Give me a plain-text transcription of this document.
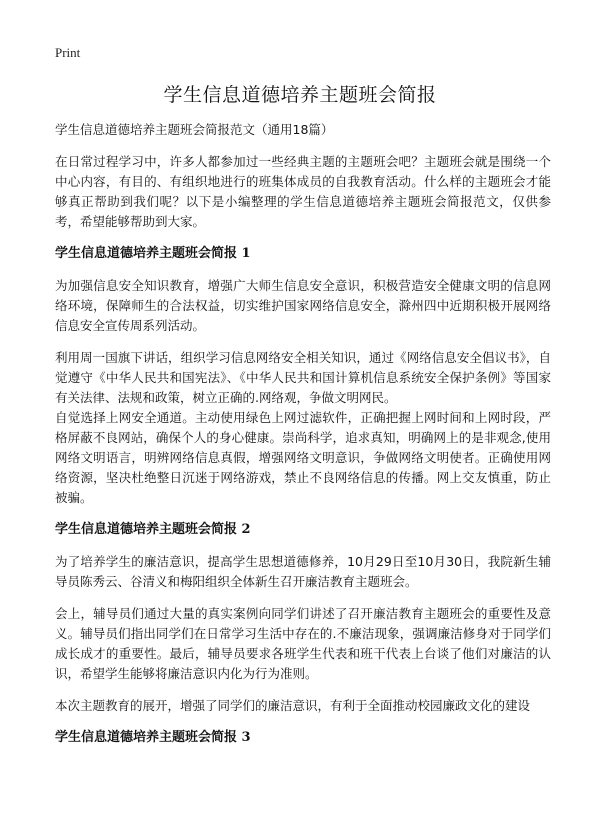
Print
学生信息道德培养主题班会简报

学生信息道德培养主题班会简报范文（通用18篇）

在日常过程学习中，许多人都参加过一些经典主题的主题班会吧？主题班会就是围绕一个中心内容，有目的、有组织地进行的班集体成员的自我教育活动。什么样的主题班会才能够真正帮助到我们呢？以下是小编整理的学生信息道德培养主题班会简报范文，仅供参考，希望能够帮助到大家。

学生信息道德培养主题班会简报 1

为加强信息安全知识教育，增强广大师生信息安全意识，积极营造安全健康文明的信息网络环境，保障师生的合法权益，切实维护国家网络信息安全，滁州四中近期积极开展网络信息安全宣传周系列活动。

利用周一国旗下讲话，组织学习信息网络安全相关知识，通过《网络信息安全倡议书》，自觉遵守《中华人民共和国宪法》、《中华人民共和国计算机信息系统安全保护条例》等国家有关法律、法规和政策，树立正确的.网络观，争做文明网民。

自觉选择上网安全通道。主动使用绿色上网过滤软件，正确把握上网时间和上网时段，严格屏蔽不良网站，确保个人的身心健康。崇尚科学，追求真知，明确网上的是非观念,使用网络文明语言，明辨网络信息真假，增强网络文明意识，争做网络文明使者。正确使用网络资源，坚决杜绝整日沉迷于网络游戏，禁止不良网络信息的传播。网上交友慎重，防止被骗。

学生信息道德培养主题班会简报 2

为了培养学生的廉洁意识，提高学生思想道德修养，10月29日至10月30日，我院新生辅导员陈秀云、谷清义和梅阳组织全体新生召开廉洁教育主题班会。

会上，辅导员们通过大量的真实案例向同学们讲述了召开廉洁教育主题班会的重要性及意义。辅导员们指出同学们在日常学习生活中存在的.不廉洁现象，强调廉洁修身对于同学们成长成才的重要性。最后，辅导员要求各班学生代表和班干代表上台谈了他们对廉洁的认识，希望学生能够将廉洁意识内化为行为准则。

本次主题教育的展开，增强了同学们的廉洁意识，有利于全面推动校园廉政文化的建设

学生信息道德培养主题班会简报 3
